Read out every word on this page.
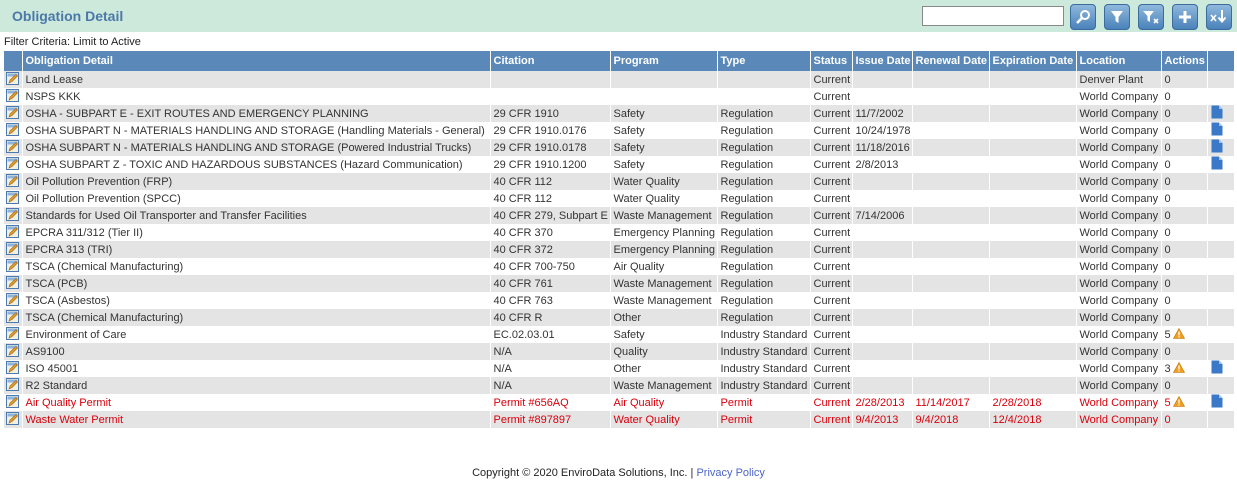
Obligation Detail
Filter Criteria: Limit to Active
	Obligation Detail	Citation	Program	Type	Status	Issue Date	Renewal Date	Expiration Date	Location	Actions	
	Land Lease				Current				Denver Plant	0	
	NSPS KKK				Current				World Company	0	
	OSHA - SUBPART E - EXIT ROUTES AND EMERGENCY PLANNING	29 CFR 1910	Safety	Regulation	Current	11/7/2002			World Company	0	
	OSHA SUBPART N - MATERIALS HANDLING AND STORAGE (Handling Materials - General)	29 CFR 1910.0176	Safety	Regulation	Current	10/24/1978			World Company	0	
	OSHA SUBPART N - MATERIALS HANDLING AND STORAGE (Powered Industrial Trucks)	29 CFR 1910.0178	Safety	Regulation	Current	11/18/2016			World Company	0	
	OSHA SUBPART Z - TOXIC AND HAZARDOUS SUBSTANCES (Hazard Communication)	29 CFR 1910.1200	Safety	Regulation	Current	2/8/2013			World Company	0	
	Oil Pollution Prevention (FRP)	40 CFR 112	Water Quality	Regulation	Current				World Company	0	
	Oil Pollution Prevention (SPCC)	40 CFR 112	Water Quality	Regulation	Current				World Company	0	
	Standards for Used Oil Transporter and Transfer Facilities	40 CFR 279, Subpart E	Waste Management	Regulation	Current	7/14/2006			World Company	0	
	EPCRA 311/312 (Tier II)	40 CFR 370	Emergency Planning	Regulation	Current				World Company	0	
	EPCRA 313 (TRI)	40 CFR 372	Emergency Planning	Regulation	Current				World Company	0	
	TSCA (Chemical Manufacturing)	40 CFR 700-750	Air Quality	Regulation	Current				World Company	0	
	TSCA (PCB)	40 CFR 761	Waste Management	Regulation	Current				World Company	0	
	TSCA (Asbestos)	40 CFR 763	Waste Management	Regulation	Current				World Company	0	
	TSCA (Chemical Manufacturing)	40 CFR R	Other	Regulation	Current				World Company	0	
	Environment of Care	EC.02.03.01	Safety	Industry Standard	Current				World Company	5	
	AS9100	N/A	Quality	Industry Standard	Current				World Company	0	
	ISO 45001	N/A	Other	Industry Standard	Current				World Company	3	
	R2 Standard	N/A	Waste Management	Industry Standard	Current				World Company	0	
	Air Quality Permit	Permit #656AQ	Air Quality	Permit	Current	2/28/2013	11/14/2017	2/28/2018	World Company	5	
	Waste Water Permit	Permit #897897	Water Quality	Permit	Current	9/4/2013	9/4/2018	12/4/2018	World Company	0	
Copyright © 2020 EnviroData Solutions, Inc. | Privacy Policy
